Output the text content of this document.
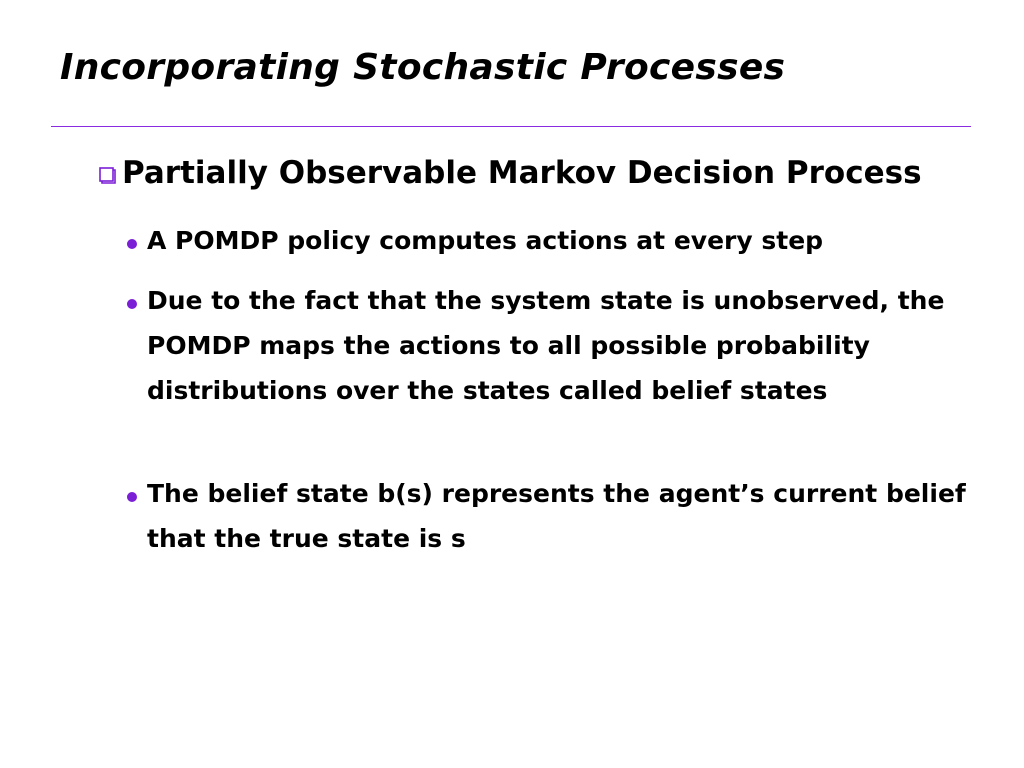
Incorporating Stochastic Processes
Partially Observable Markov Decision Process
A POMDP policy computes actions at every step
Due to the fact that the system state is unobserved, the POMDP maps the actions to all possible probability distributions over the states called belief states
The belief state b(s) represents the agent’s current belief that the true state is s
